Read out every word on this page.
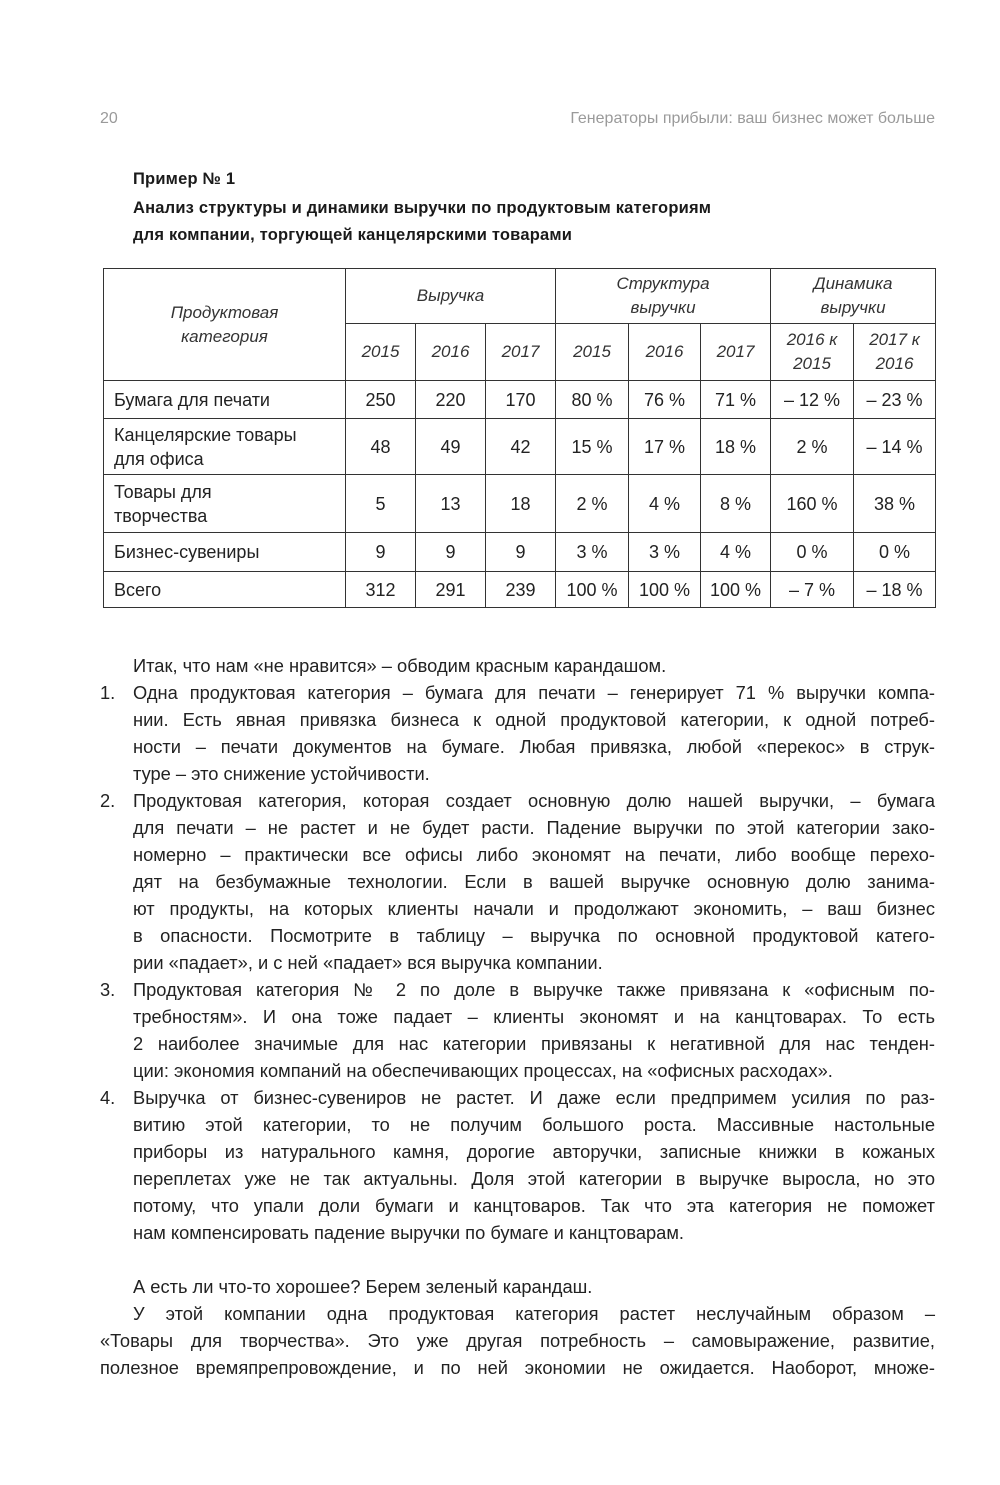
20	Генераторы прибыли: ваш бизнес может больше
Пример № 1
Анализ структуры и динамики выручки по продуктовым категориям
для компании, торгующей канцелярскими товарами
Продуктовая категория	Выручка			Структура выручки			Динамика выручки	

	2015	2016	2017	2015	2016	2017	2016 к 2015	2017 к 2016
Бумага для печати	250	220	170	80 %	76 %	71 %	– 12 %	– 23 %

Канцелярские товары для офиса	48	49	42	15 %	17 %	18 %	2 %	– 14 %

Товары для творчества	5	13	18	2 %	4 %	8 %	160 %	38 %
Бизнес-сувениры	9	9	9	3 %	3 %	4 %	0 %	0 %
Всего	312	291	239	100 %	100 %	100 %	– 7 %	– 18 %
Итак, что нам «не нравится» – обводим красным карандашом.
1. Одна продуктовая категория – бумага для печати – генерирует 71 % выручки компа-
нии. Есть явная привязка бизнеса к одной продуктовой категории, к одной потреб-
ности – печати документов на бумаге. Любая привязка, любой «перекос» в струк-
туре – это снижение устойчивости.
2. Продуктовая категория, которая создает основную долю нашей выручки, – бумага
для печати – не растет и не будет расти. Падение выручки по этой категории зако-
номерно – практически все офисы либо экономят на печати, либо вообще перехо-
дят на безбумажные технологии. Если в вашей выручке основную долю занима-
ют продукты, на которых клиенты начали и продолжают экономить, – ваш бизнес
в опасности. Посмотрите в таблицу – выручка по основной продуктовой катего-
рии «падает», и с ней «падает» вся выручка компании.
3. Продуктовая категория № 2 по доле в выручке также привязана к «офисным по-
требностям». И она тоже падает – клиенты экономят и на канцтоварах. То есть
2 наиболее значимые для нас категории привязаны к негативной для нас тенден-
ции: экономия компаний на обеспечивающих процессах, на «офисных расходах».
4. Выручка от бизнес-сувениров не растет. И даже если предпримем усилия по раз-
витию этой категории, то не получим большого роста. Массивные настольные
приборы из натурального камня, дорогие авторучки, записные книжки в кожаных
переплетах уже не так актуальны. Доля этой категории в выручке выросла, но это
потому, что упали доли бумаги и канцтоваров. Так что эта категория не поможет
нам компенсировать падение выручки по бумаге и канцтоварам.
А есть ли что-то хорошее? Берем зеленый карандаш.
У этой компании одна продуктовая категория растет неслучайным образом –
«Товары для творчества». Это уже другая потребность – самовыражение, развитие,
полезное времяпрепровождение, и по ней экономии не ожидается. Наоборот, множе-
